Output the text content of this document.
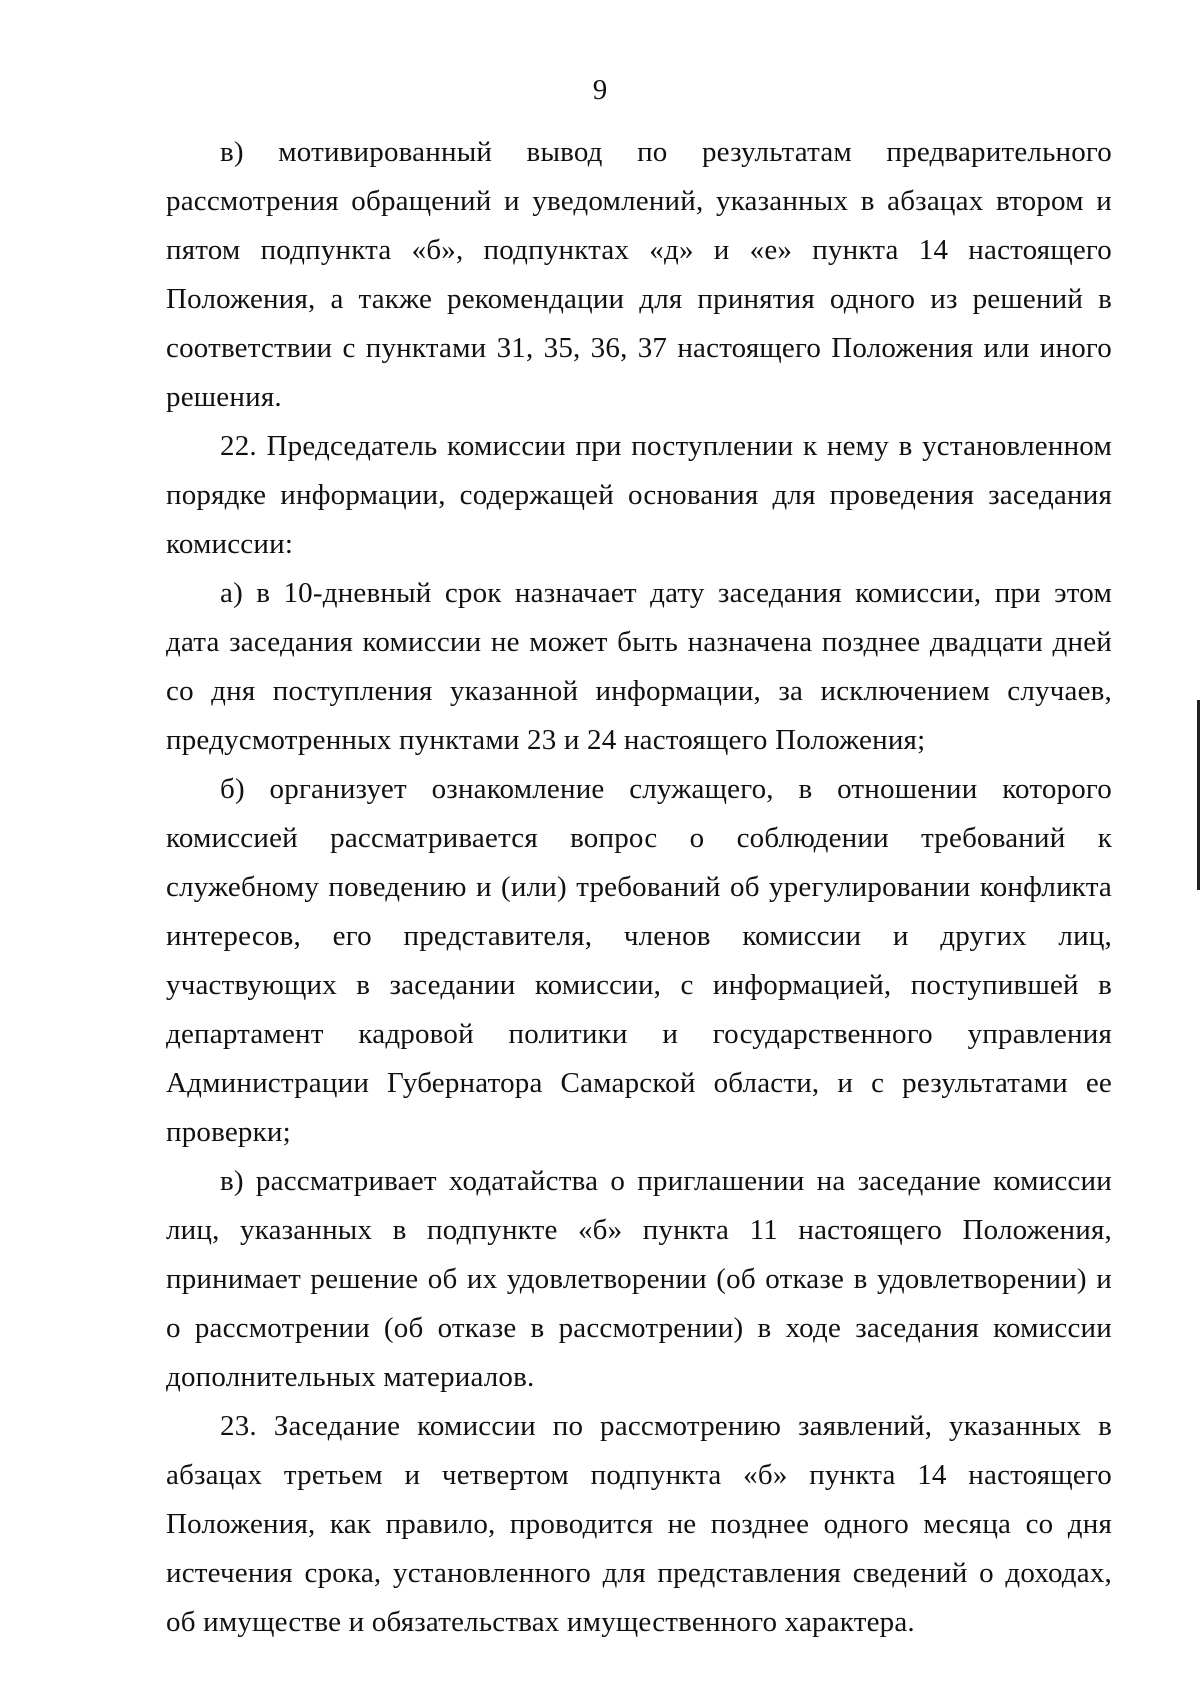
9

в) мотивированный вывод по результатам предварительного рассмотрения обращений и уведомлений, указанных в абзацах втором и пятом подпункта «б», подпунктах «д» и «е» пункта 14 настоящего Положения, а также рекомендации для принятия одного из решений в соответствии с пунктами 31, 35, 36, 37 настоящего Положения или иного решения.

22. Председатель комиссии при поступлении к нему в установленном порядке информации, содержащей основания для проведения заседания комиссии:

а) в 10-дневный срок назначает дату заседания комиссии, при этом дата заседания комиссии не может быть назначена позднее двадцати дней со дня поступления указанной информации, за исключением случаев, предусмотренных пунктами 23 и 24 настоящего Положения;

б) организует ознакомление служащего, в отношении которого комиссией рассматривается вопрос о соблюдении требований к служебному поведению и (или) требований об урегулировании конфликта интересов, его представителя, членов комиссии и других лиц, участвующих в заседании комиссии, с информацией, поступившей в департамент кадровой политики и государственного управления Администрации Губернатора Самарской области, и с результатами ее проверки;

в) рассматривает ходатайства о приглашении на заседание комиссии лиц, указанных в подпункте «б» пункта 11 настоящего Положения, принимает решение об их удовлетворении (об отказе в удовлетворении) и о рассмотрении (об отказе в рассмотрении) в ходе заседания комиссии дополнительных материалов.

23. Заседание комиссии по рассмотрению заявлений, указанных в абзацах третьем и четвертом подпункта «б» пункта 14 настоящего Положения, как правило, проводится не позднее одного месяца со дня истечения срока, установленного для представления сведений о доходах, об имуществе и обязательствах имущественного характера.
